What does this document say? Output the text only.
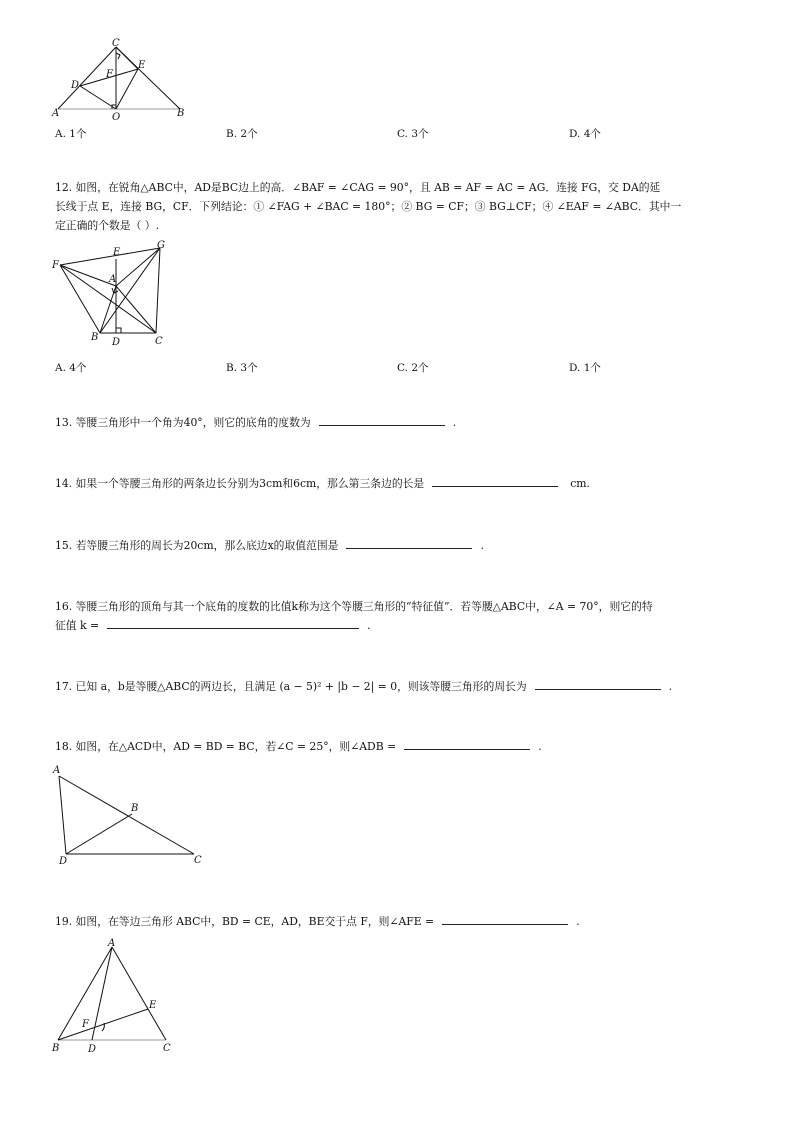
C
E
D
F
A	O	B
A. 1个	B. 2个	C. 3个	D. 4个
12. 如图，在锐角△ABC中，AD是BC边上的高．∠BAF = ∠CAG = 90°，且 AB = AF = AC = AG．连接 FG，交 DA的延
长线于点 E，连接 BG，CF．下列结论：① ∠FAG + ∠BAC = 180°；② BG = CF；③ BG⊥CF；④ ∠EAF = ∠ABC．其中一
定正确的个数是（ ）.
F
E
G
A
B D	C
A. 4个	B. 3个	C. 2个	D. 1个
13. 等腰三角形中一个角为40°，则它的底角的度数为	.
14. 如果一个等腰三角形的两条边长分别为3cm和6cm，那么第三条边的长是	cm.
15. 若等腰三角形的周长为20cm，那么底边x的取值范围是	.
16. 等腰三角形的顶角与其一个底角的度数的比值k称为这个等腰三角形的“特征值”．若等腰△ABC中，∠A = 70°，则它的特
征值 k =	.
17. 已知 a，b是等腰△ABC的两边长，且满足 (a − 5)² + |b − 2| = 0，则该等腰三角形的周长为	.
18. 如图，在△ACD中，AD = BD = BC，若∠C = 25°，则∠ADB =	.
A
B
D	C
19. 如图，在等边三角形 ABC中，BD = CE，AD，BE交于点 F，则∠AFE =	.
A
E
F
B	D	C
